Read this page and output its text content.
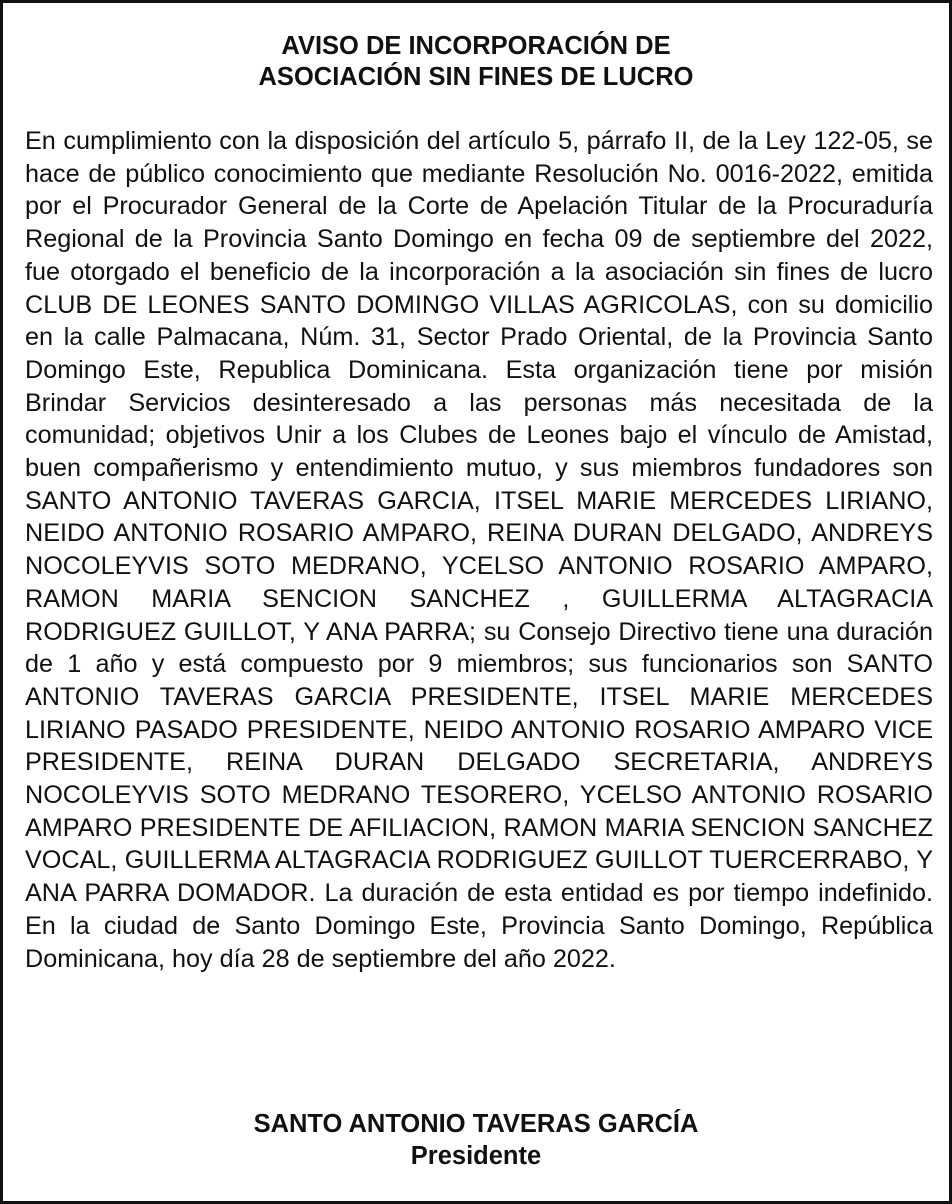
AVISO DE INCORPORACIÓN DE
ASOCIACIÓN SIN FINES DE LUCRO

En cumplimiento con la disposición del artículo 5, párrafo II, de la Ley 122-05, se hace de público conocimiento que mediante Resolución No. 0016-2022, emitida por el Procurador General de la Corte de Apelación Titular de la Procuraduría Regional de la Provincia Santo Domingo en fecha 09 de septiembre del 2022, fue otorgado el beneficio de la incorporación a la asociación sin fines de lucro CLUB DE LEONES SANTO DOMINGO VILLAS AGRICOLAS, con su domicilio en la calle Palmacana, Núm. 31, Sector Prado Oriental, de la Provincia Santo Domingo Este, Republica Dominicana. Esta organización tiene por misión Brindar Servicios desinteresado a las personas más necesitada de la comunidad; objetivos Unir a los Clubes de Leones bajo el vínculo de Amistad, buen compañerismo y entendimiento mutuo, y sus miembros fundadores son SANTO ANTONIO TAVERAS GARCIA, ITSEL MARIE MERCEDES LIRIANO, NEIDO ANTONIO ROSARIO AMPARO, REINA DURAN DELGADO, ANDREYS NOCOLEYVIS SOTO MEDRANO, YCELSO ANTONIO ROSARIO AMPARO, RAMON MARIA SENCION SANCHEZ , GUILLERMA ALTAGRACIA RODRIGUEZ GUILLOT, Y ANA PARRA; su Consejo Directivo tiene una duración de 1 año y está compuesto por 9 miembros; sus funcionarios son SANTO ANTONIO TAVERAS GARCIA PRESIDENTE, ITSEL MARIE MERCEDES LIRIANO PASADO PRESIDENTE, NEIDO ANTONIO ROSARIO AMPARO VICE PRESIDENTE, REINA DURAN DELGADO SECRETARIA, ANDREYS NOCOLEYVIS SOTO MEDRANO TESORERO, YCELSO ANTONIO ROSARIO AMPARO PRESIDENTE DE AFILIACION, RAMON MARIA SENCION SANCHEZ VOCAL, GUILLERMA ALTAGRACIA RODRIGUEZ GUILLOT TUERCERRABO, Y ANA PARRA DOMADOR. La duración de esta entidad es por tiempo indefinido. En la ciudad de Santo Domingo Este, Provincia Santo Domingo, República Dominicana, hoy día 28 de septiembre del año 2022.

SANTO ANTONIO TAVERAS GARCÍA
Presidente
